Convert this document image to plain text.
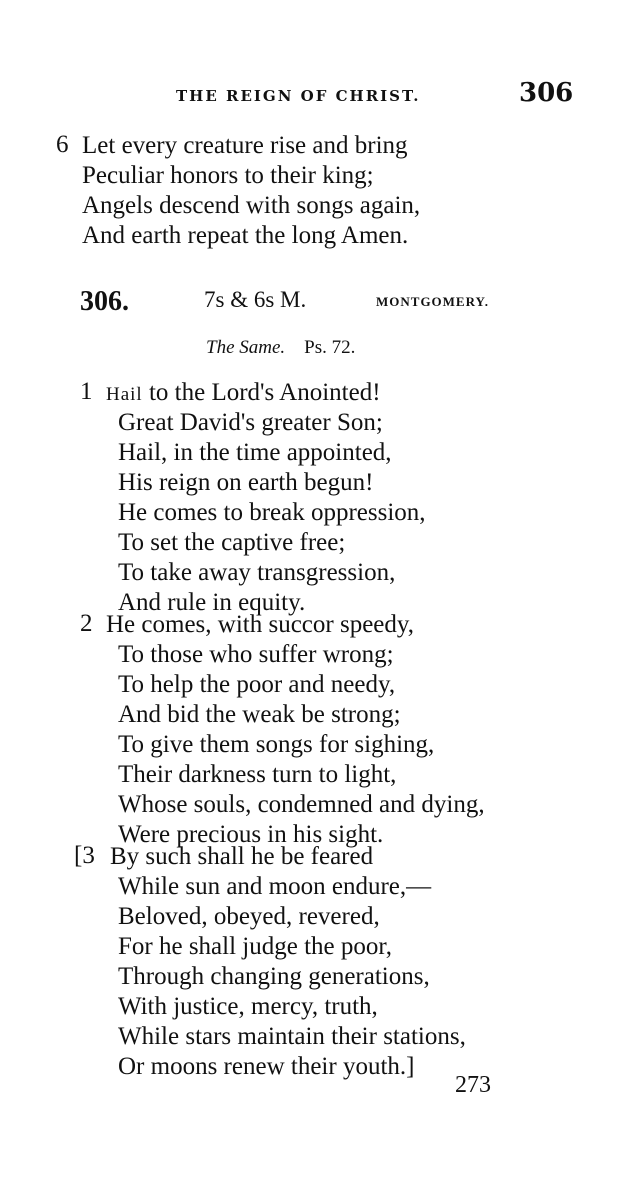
THE REIGN OF CHRIST.	306
6 Let every creature rise and bring
Peculiar honors to their king;
Angels descend with songs again,
And earth repeat the long Amen.
306.	7s & 6s M.	MONTGOMERY.
The Same. Ps. 72.
1 Hail to the Lord's Anointed!
Great David's greater Son;
Hail, in the time appointed,
His reign on earth begun!
He comes to break oppression,
To set the captive free;
To take away transgression,
And rule in equity.
2 He comes, with succor speedy,
To those who suffer wrong;
To help the poor and needy,
And bid the weak be strong;
To give them songs for sighing,
Their darkness turn to light,
Whose souls, condemned and dying,
Were precious in his sight.
[3 By such shall he be feared
While sun and moon endure,—
Beloved, obeyed, revered,
For he shall judge the poor,
Through changing generations,
With justice, mercy, truth,
While stars maintain their stations,
Or moons renew their youth.]
273
